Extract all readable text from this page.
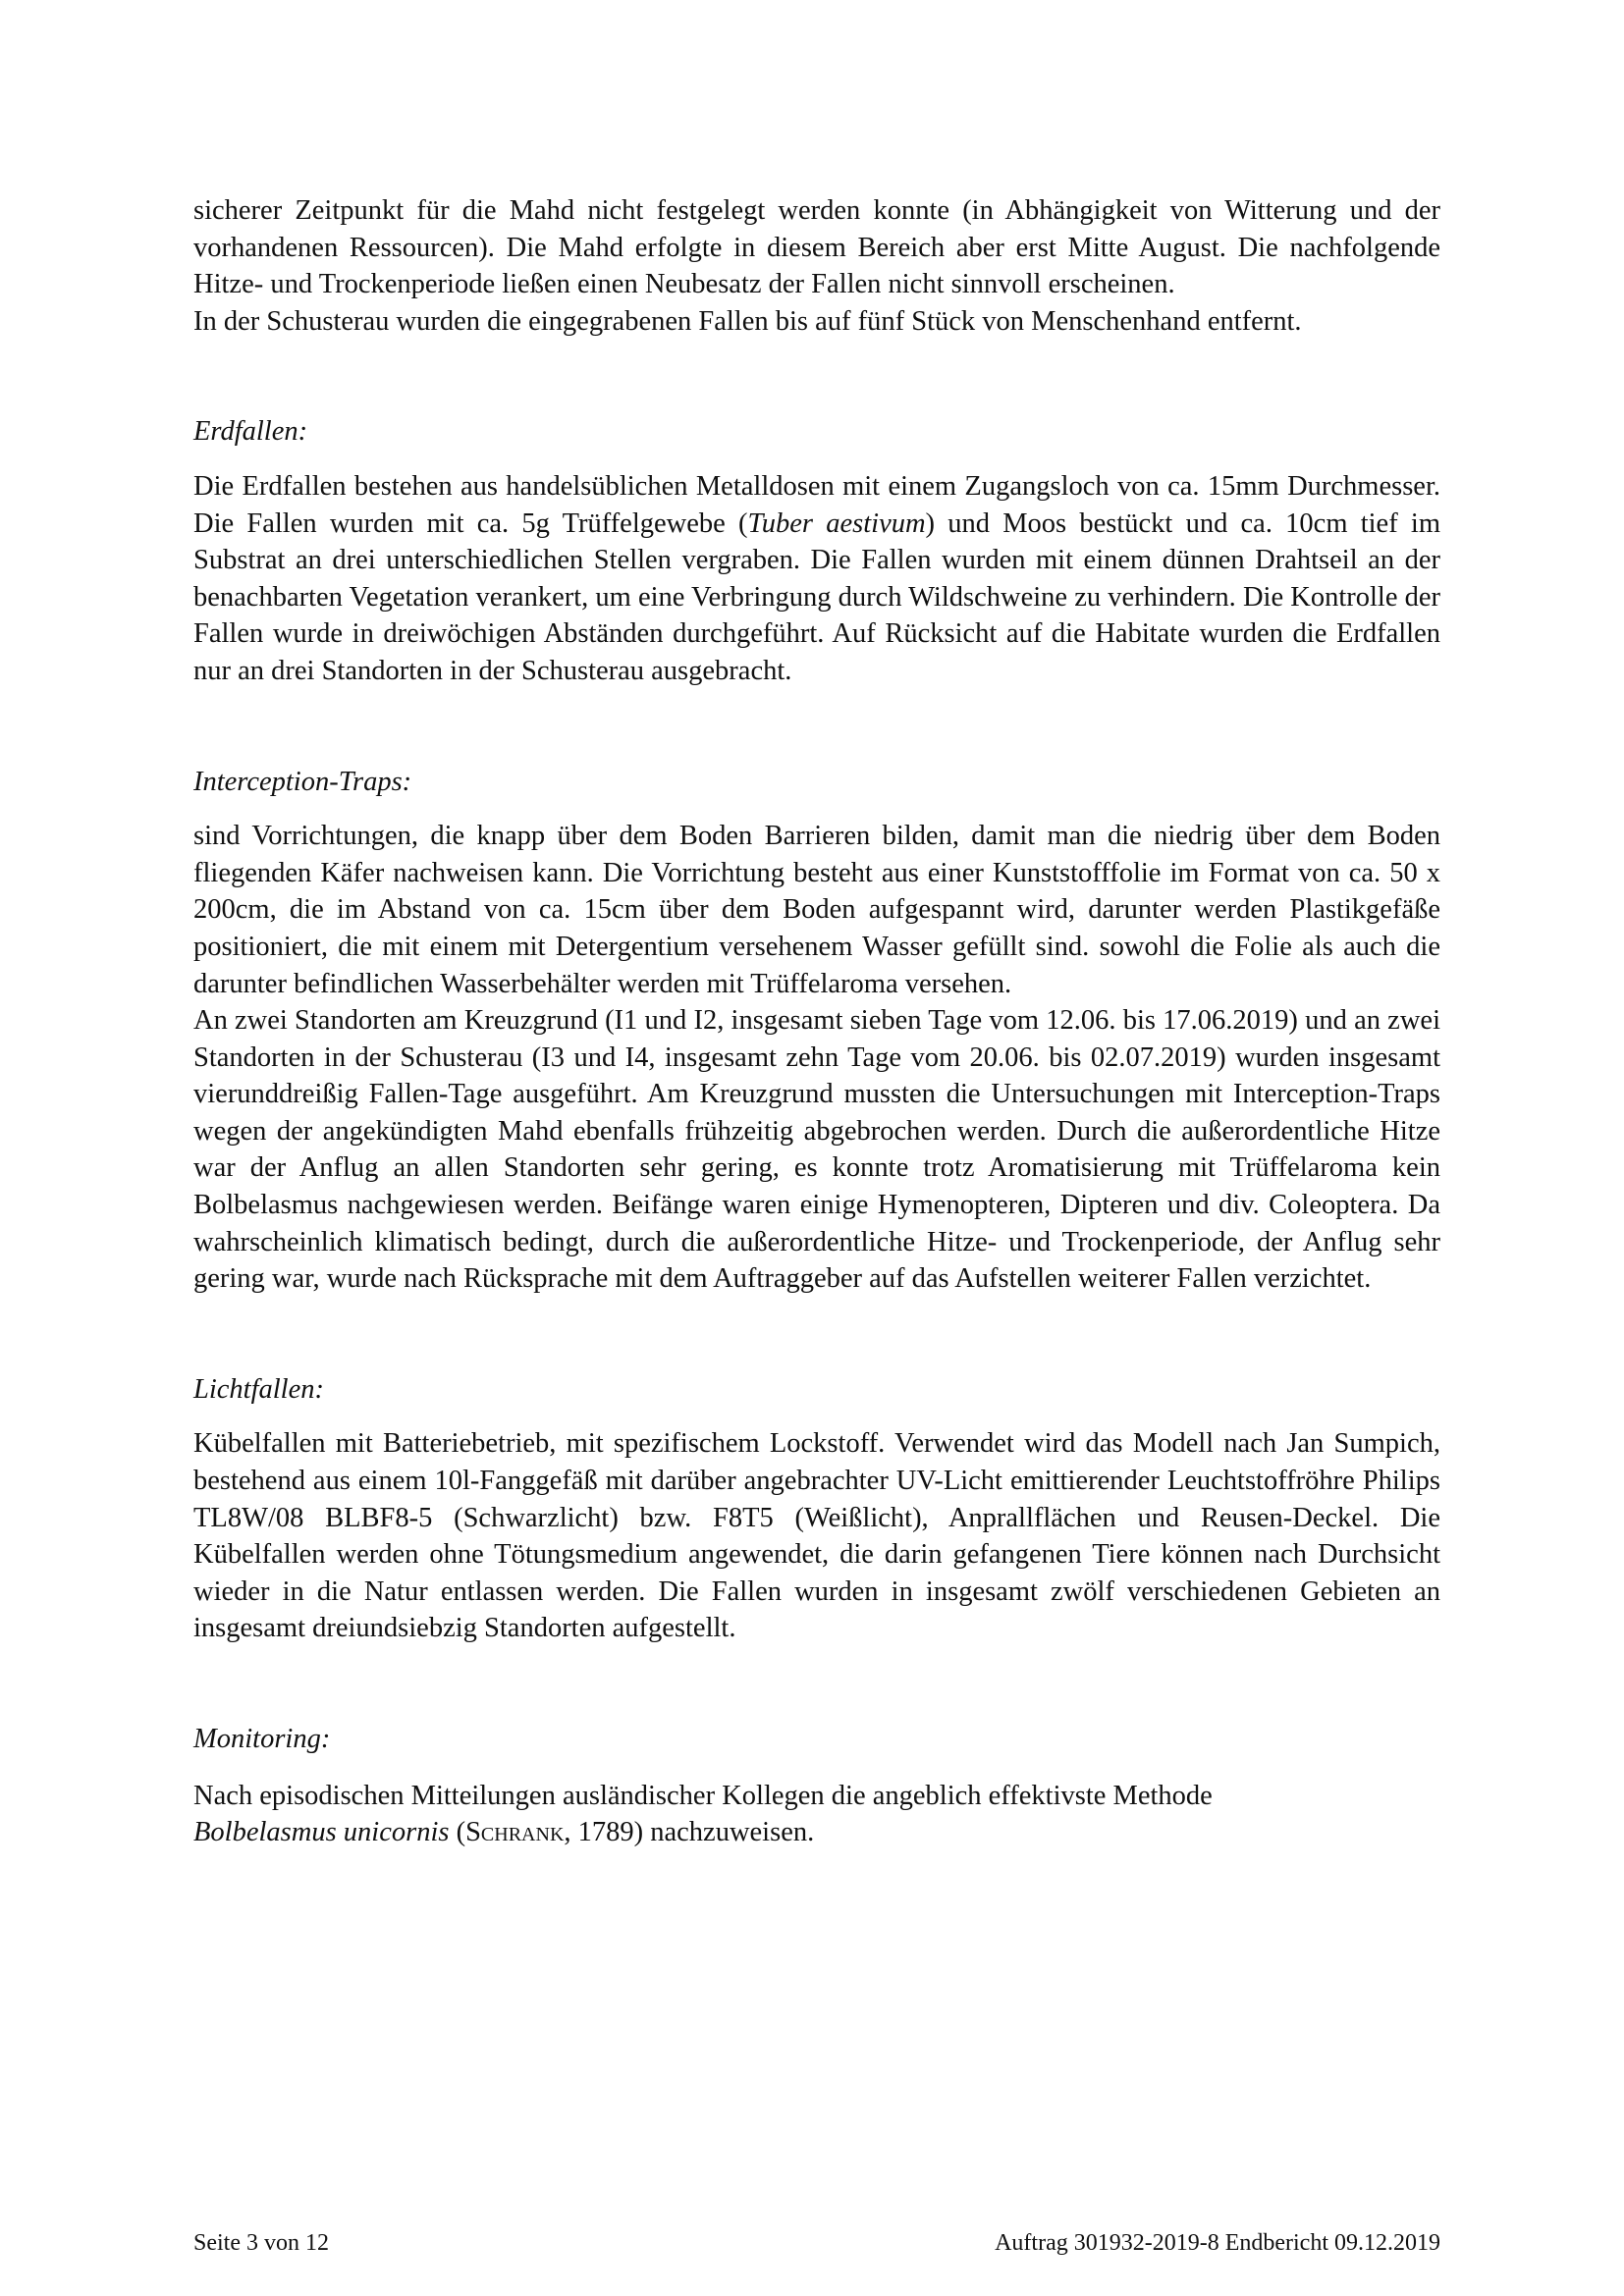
sicherer Zeitpunkt für die Mahd nicht festgelegt werden konnte (in Abhängigkeit von Witterung und der vorhandenen Ressourcen). Die Mahd erfolgte in diesem Bereich aber erst Mitte August. Die nachfolgende Hitze- und Trockenperiode ließen einen Neubesatz der Fallen nicht sinnvoll erscheinen.

In der Schusterau wurden die eingegrabenen Fallen bis auf fünf Stück von Menschenhand entfernt.

Erdfallen:

Die Erdfallen bestehen aus handelsüblichen Metalldosen mit einem Zugangsloch von ca. 15mm Durchmesser. Die Fallen wurden mit ca. 5g Trüffelgewebe (Tuber aestivum) und Moos bestückt und ca. 10cm tief im Substrat an drei unterschiedlichen Stellen vergraben. Die Fallen wurden mit einem dünnen Drahtseil an der benachbarten Vegetation verankert, um eine Verbringung durch Wildschweine zu verhindern. Die Kontrolle der Fallen wurde in dreiwöchigen Abständen durchgeführt. Auf Rücksicht auf die Habitate wurden die Erdfallen nur an drei Standorten in der Schusterau ausgebracht.

Interception-Traps:

sind Vorrichtungen, die knapp über dem Boden Barrieren bilden, damit man die niedrig über dem Boden fliegenden Käfer nachweisen kann. Die Vorrichtung besteht aus einer Kunststofffolie im Format von ca. 50 x 200cm, die im Abstand von ca. 15cm über dem Boden aufgespannt wird, darunter werden Plastikgefäße positioniert, die mit einem mit Detergentium versehenem Wasser gefüllt sind. sowohl die Folie als auch die darunter befindlichen Wasserbehälter werden mit Trüffelaroma versehen.

An zwei Standorten am Kreuzgrund (I1 und I2, insgesamt sieben Tage vom 12.06. bis 17.06.2019) und an zwei Standorten in der Schusterau (I3 und I4, insgesamt zehn Tage vom 20.06. bis 02.07.2019) wurden insgesamt vierunddreißig Fallen-Tage ausgeführt. Am Kreuzgrund mussten die Untersuchungen mit Interception-Traps wegen der angekündigten Mahd ebenfalls frühzeitig abgebrochen werden. Durch die außerordentliche Hitze war der Anflug an allen Standorten sehr gering, es konnte trotz Aromatisierung mit Trüffelaroma kein Bolbelasmus nachgewiesen werden. Beifänge waren einige Hymenopteren, Dipteren und div. Coleoptera. Da wahrscheinlich klimatisch bedingt, durch die außerordentliche Hitze- und Trockenperiode, der Anflug sehr gering war, wurde nach Rücksprache mit dem Auftraggeber auf das Aufstellen weiterer Fallen verzichtet.

Lichtfallen:

Kübelfallen mit Batteriebetrieb, mit spezifischem Lockstoff. Verwendet wird das Modell nach Jan Sumpich, bestehend aus einem 10l-Fanggefäß mit darüber angebrachter UV-Licht emittierender Leuchtstoffröhre Philips TL8W/08 BLBF8-5 (Schwarzlicht) bzw. F8T5 (Weißlicht), Anprallflächen und Reusen-Deckel. Die Kübelfallen werden ohne Tötungsmedium angewendet, die darin gefangenen Tiere können nach Durchsicht wieder in die Natur entlassen werden. Die Fallen wurden in insgesamt zwölf verschiedenen Gebieten an insgesamt dreiundsiebzig Standorten aufgestellt.

Monitoring:

Nach episodischen Mitteilungen ausländischer Kollegen die angeblich effektivste Methode
Bolbelasmus unicornis (Schrank, 1789) nachzuweisen.

Seite 3 von 12	Auftrag 301932-2019-8 Endbericht 09.12.2019
